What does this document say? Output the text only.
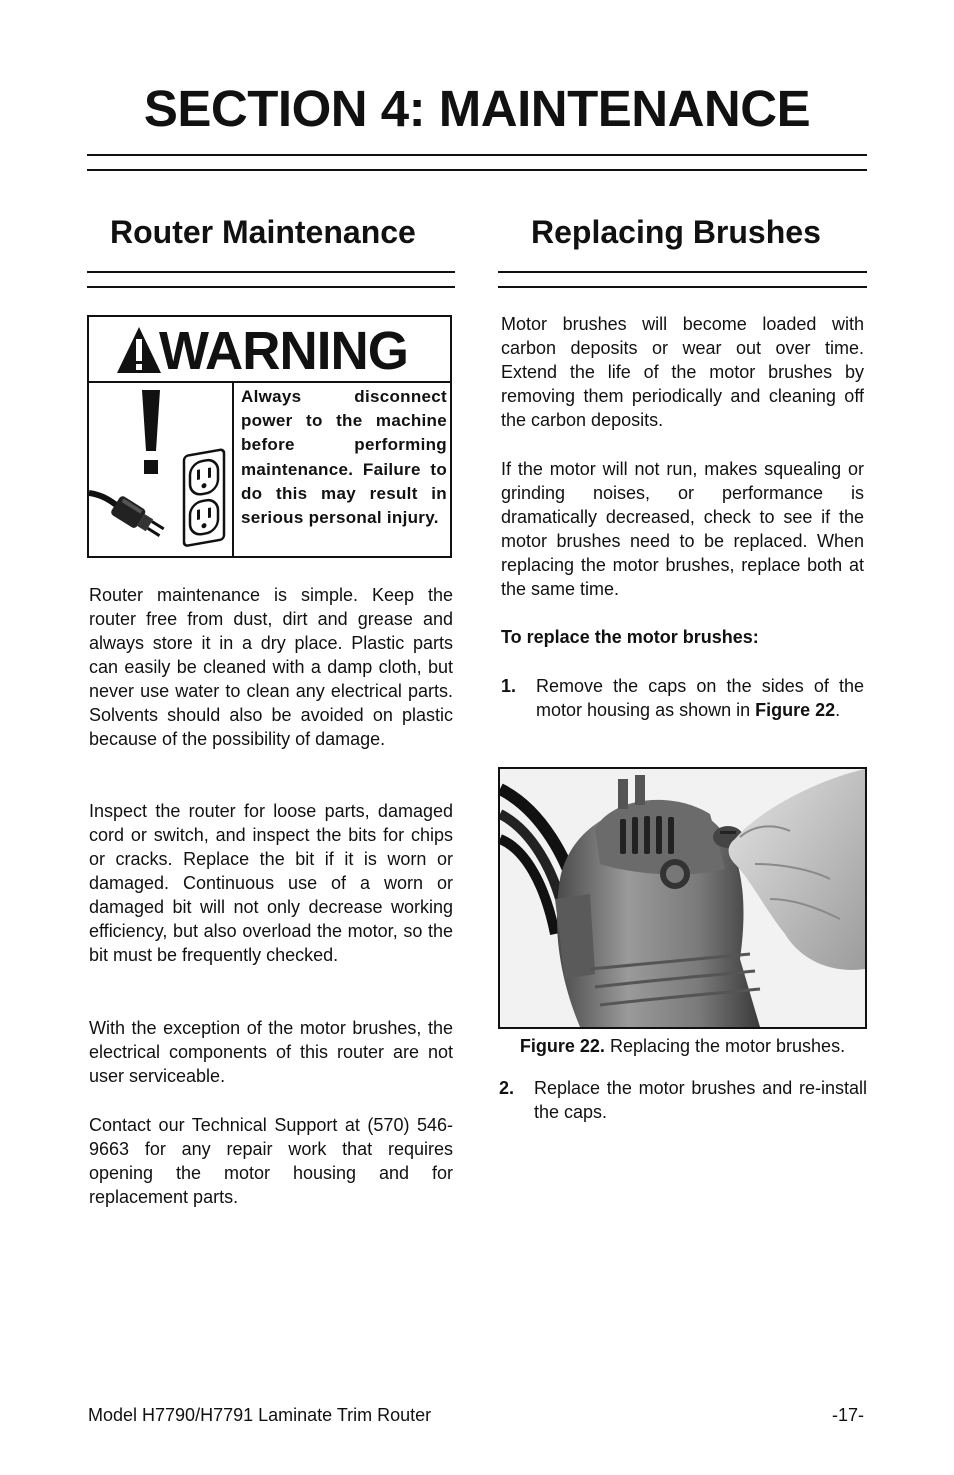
SECTION 4: MAINTENANCE
Router Maintenance
WARNING

Always disconnect power to the machine before performing maintenance. Failure to do this may result in serious personal injury.

Router maintenance is simple. Keep the router free from dust, dirt and grease and always store it in a dry place. Plastic parts can easily be cleaned with a damp cloth, but never use water to clean any electrical parts. Solvents should also be avoided on plastic because of the possibility of damage.

Inspect the router for loose parts, damaged cord or switch, and inspect the bits for chips or cracks. Replace the bit if it is worn or damaged. Continuous use of a worn or damaged bit will not only decrease working efficiency, but also overload the motor, so the bit must be frequently checked.

With the exception of the motor brushes, the electrical components of this router are not user serviceable.

Contact our Technical Support at (570) 546-9663 for any repair work that requires opening the motor housing and for replacement parts.

Replacing Brushes

Motor brushes will become loaded with carbon deposits or wear out over time. Extend the life of the motor brushes by removing them periodically and cleaning off the carbon deposits.

If the motor will not run, makes squealing or grinding noises, or performance is dramatically decreased, check to see if the motor brushes need to be replaced. When replacing the motor brushes, replace both at the same time.

To replace the motor brushes:

1. Remove the caps on the sides of the motor housing as shown in Figure 22.
Figure 22. Replacing the motor brushes.
2. Replace the motor brushes and re-install the caps.
Model H7790/H7791 Laminate Trim Router	-17-
